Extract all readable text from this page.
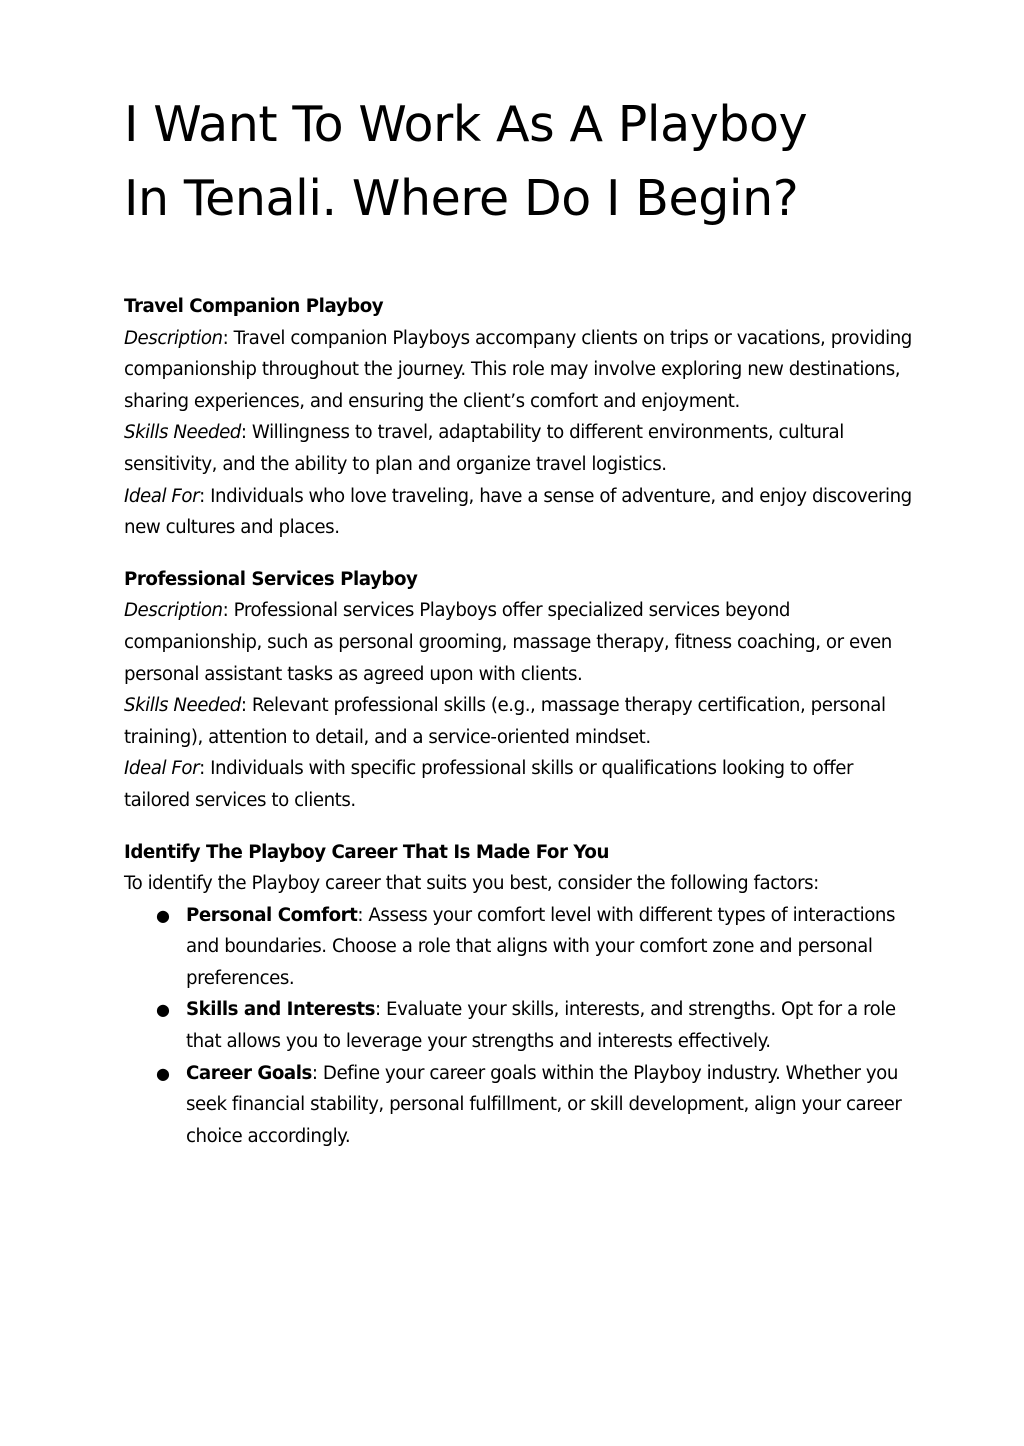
I Want To Work As A Playboy
In Tenali. Where Do I Begin?

Travel Companion Playboy

Description: Travel companion Playboys accompany clients on trips or vacations, providing companionship throughout the journey. This role may involve exploring new destinations, sharing experiences, and ensuring the client’s comfort and enjoyment.

Skills Needed: Willingness to travel, adaptability to different environments, cultural sensitivity, and the ability to plan and organize travel logistics.

Ideal For: Individuals who love traveling, have a sense of adventure, and enjoy discovering new cultures and places.

Professional Services Playboy

Description: Professional services Playboys offer specialized services beyond companionship, such as personal grooming, massage therapy, fitness coaching, or even personal assistant tasks as agreed upon with clients.

Skills Needed: Relevant professional skills (e.g., massage therapy certification, personal training), attention to detail, and a service-oriented mindset.

Ideal For: Individuals with specific professional skills or qualifications looking to offer tailored services to clients.

Identify The Playboy Career That Is Made For You

To identify the Playboy career that suits you best, consider the following factors:

● Personal Comfort: Assess your comfort level with different types of interactions and boundaries. Choose a role that aligns with your comfort zone and personal preferences.
● Skills and Interests: Evaluate your skills, interests, and strengths. Opt for a role that allows you to leverage your strengths and interests effectively.
● Career Goals: Define your career goals within the Playboy industry. Whether you seek financial stability, personal fulfillment, or skill development, align your career choice accordingly.
